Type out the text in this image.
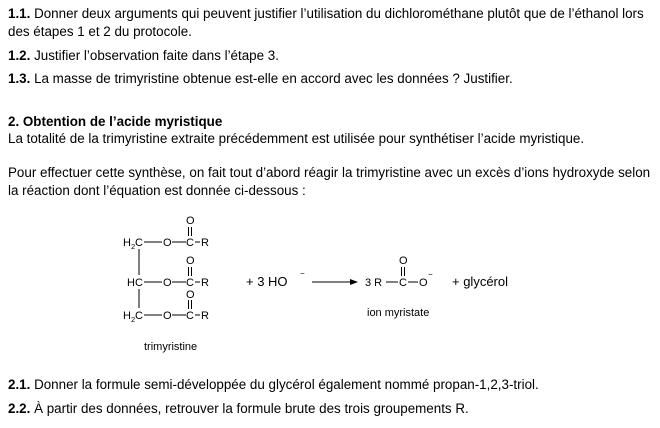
1.1. Donner deux arguments qui peuvent justifier l’utilisation du dichlorométhane plutôt que de l’éthanol lors des étapes 1 et 2 du protocole.

1.2. Justifier l’observation faite dans l’étape 3.

1.3. La masse de trimyristine obtenue est-elle en accord avec les données ? Justifier.

2. Obtention de l’acide myristique

La totalité de la trimyristine extraite précédemment est utilisée pour synthétiser l’acide myristique.

Pour effectuer cette synthèse, on fait tout d’abord réagir la trimyristine avec un excès d’ions hydroxyde selon la réaction dont l’équation est donnée ci-dessous :

H 2 C O C
O
R
HC O C
O
R
H 2 C O C
O
R
trimyristine
+ 3 HO
−
3 R C
O
O
− + glycérol
ion myristate

2.1. Donner la formule semi-développée du glycérol également nommé propan-1,2,3-triol.

2.2. À partir des données, retrouver la formule brute des trois groupements R.
